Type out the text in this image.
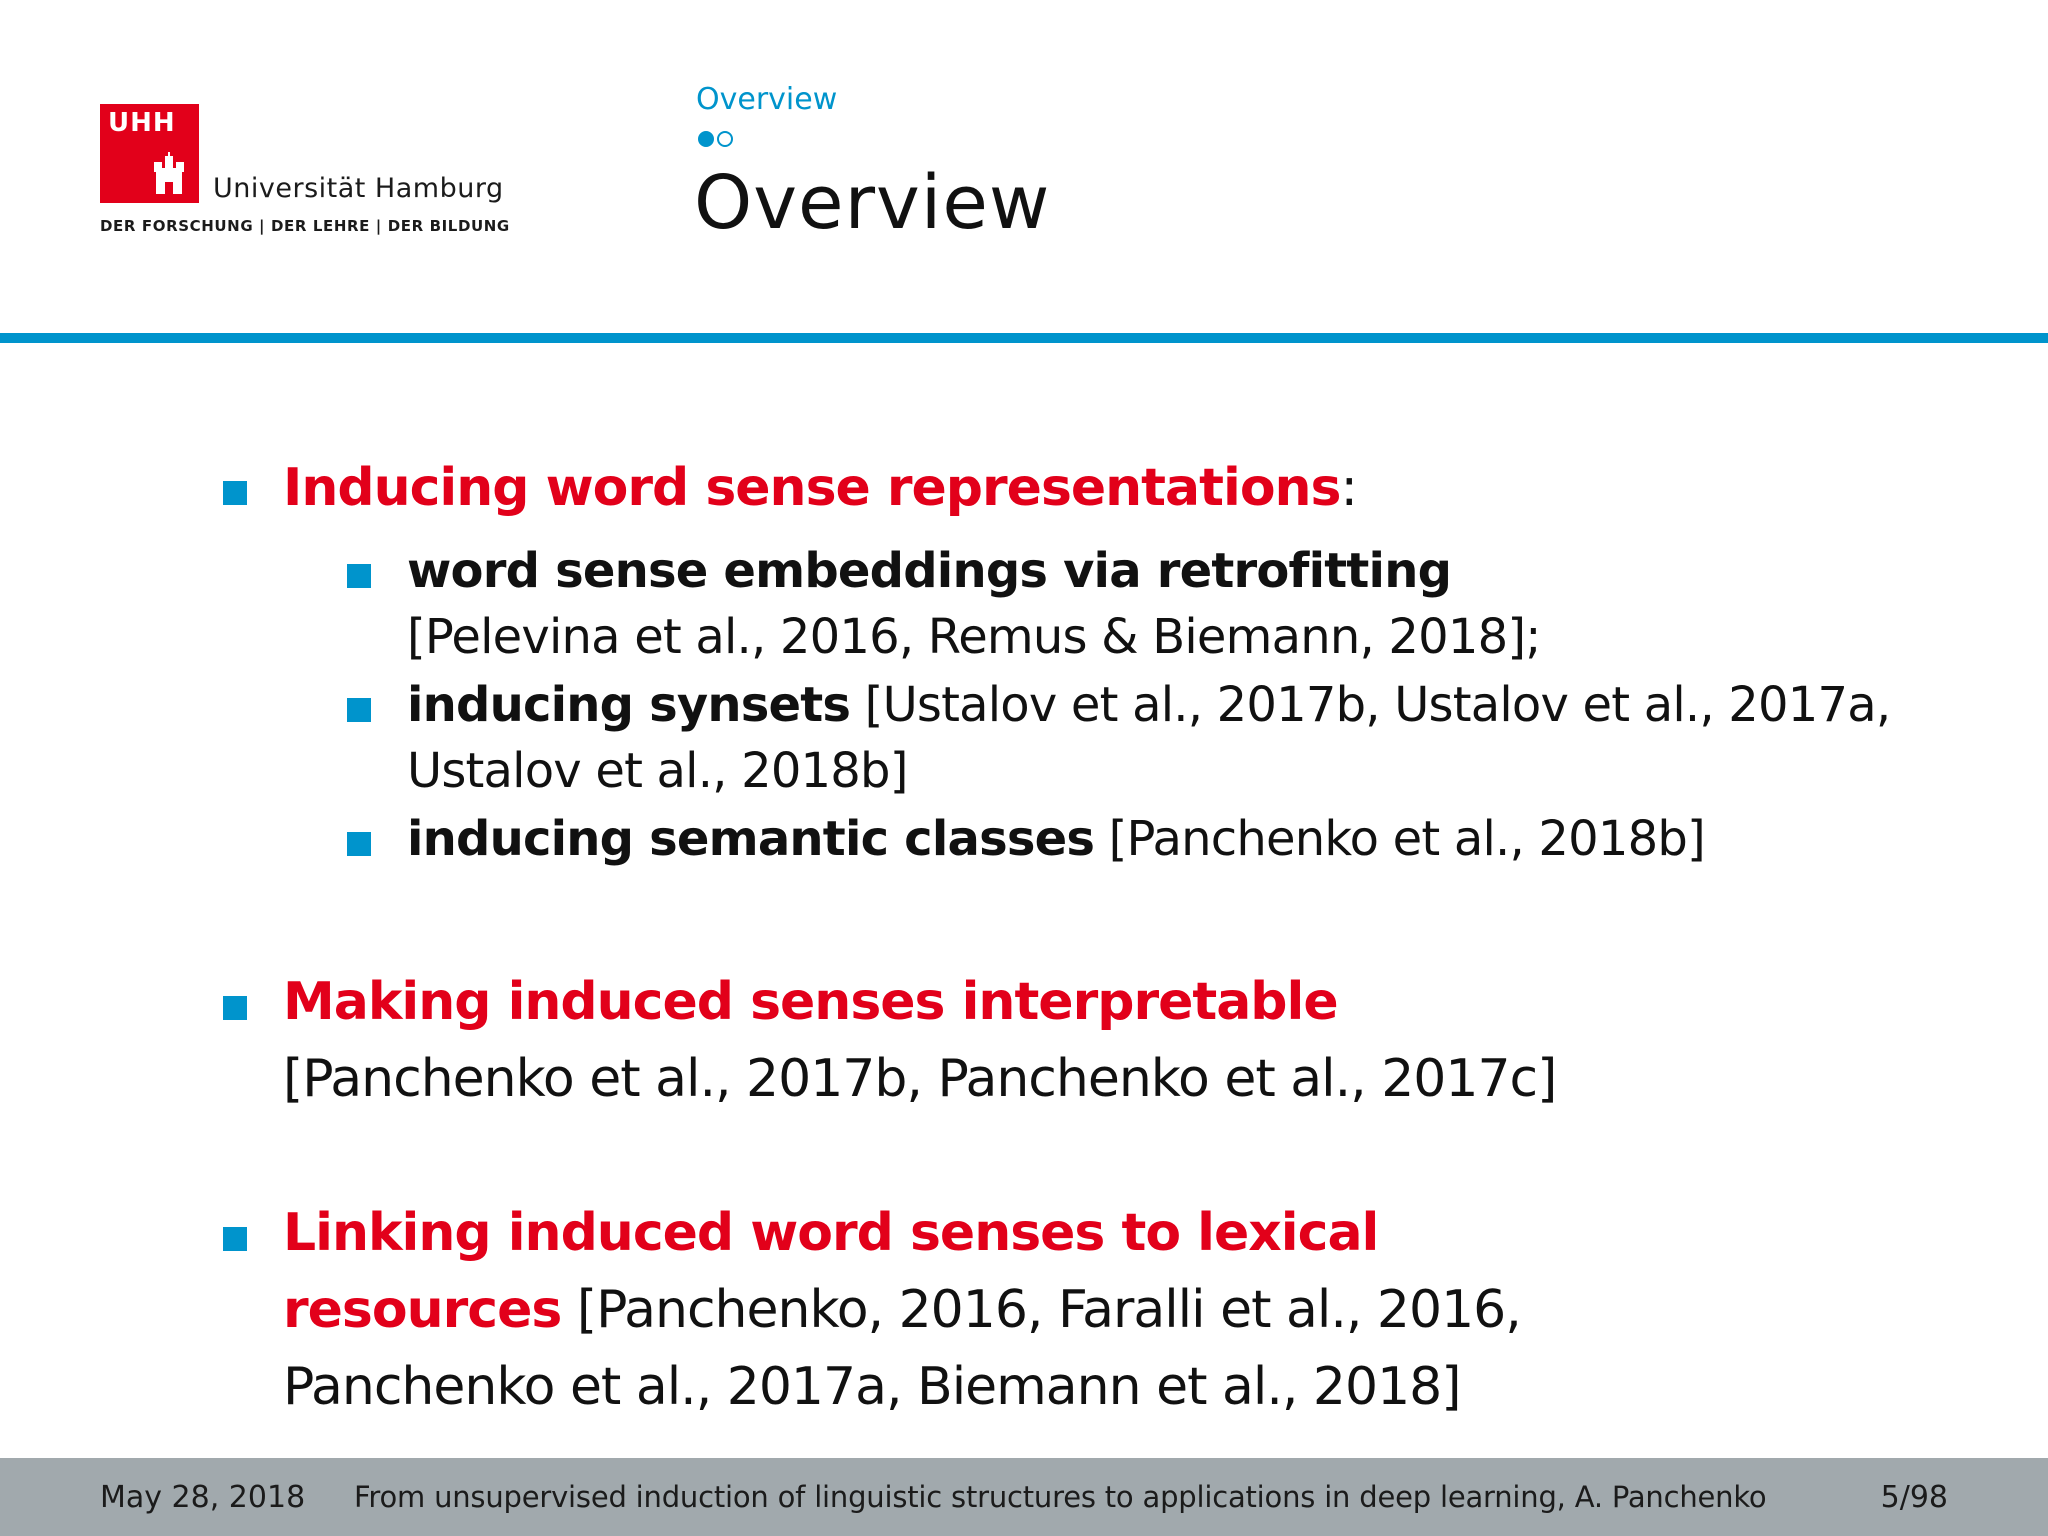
UHH
Universität Hamburg
DER FORSCHUNG | DER LEHRE | DER BILDUNG
Overview
Overview
Inducing word sense representations:
word sense embeddings via retrofitting
[Pelevina et al., 2016, Remus & Biemann, 2018];
inducing synsets [Ustalov et al., 2017b, Ustalov et al., 2017a,
Ustalov et al., 2018b]
inducing semantic classes [Panchenko et al., 2018b]
Making induced senses interpretable
[Panchenko et al., 2017b, Panchenko et al., 2017c]
Linking induced word senses to lexical
resources [Panchenko, 2016, Faralli et al., 2016,
Panchenko et al., 2017a, Biemann et al., 2018]
May 28, 2018 From unsupervised induction of linguistic structures to applications in deep learning, A. Panchenko	5/98
